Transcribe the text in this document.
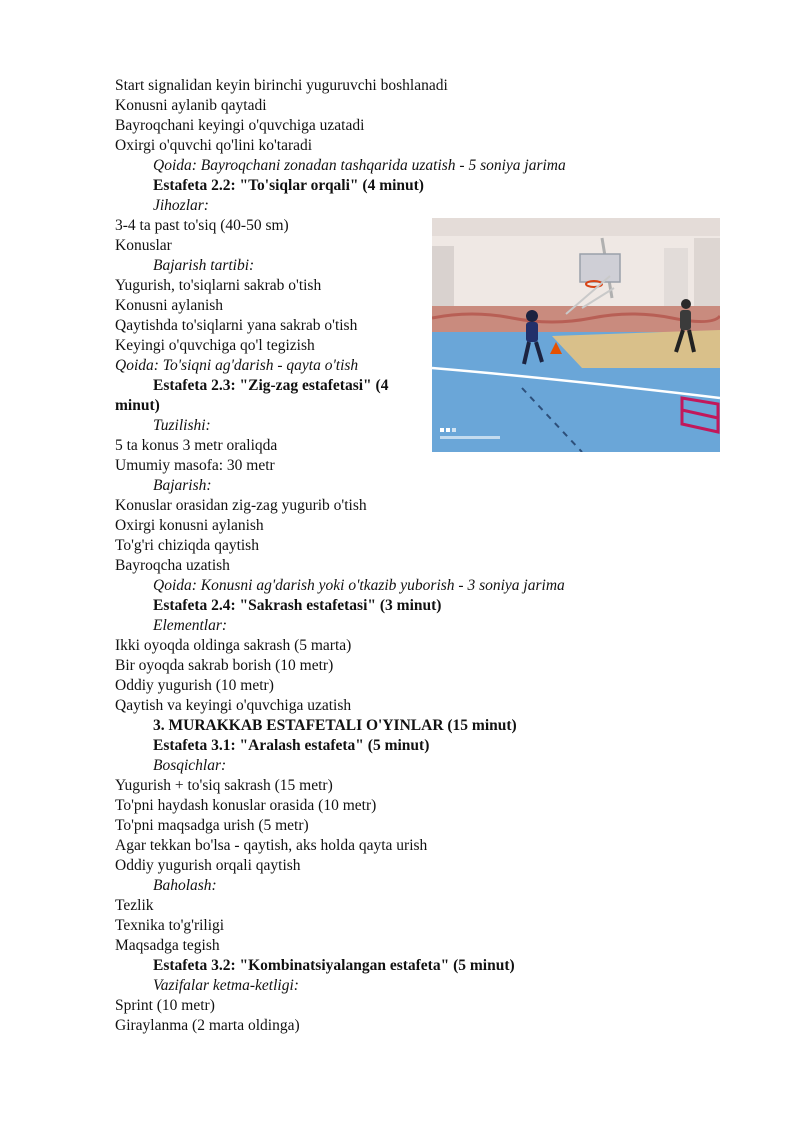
Start signalidan keyin birinchi yuguruvchi boshlanadi
Konusni aylanib qaytadi
Bayroqchani keyingi o'quvchiga uzatadi
Oxirgi o'quvchi qo'lini ko'taradi
Qoida: Bayroqchani zonadan tashqarida uzatish - 5 soniya jarima
Estafeta 2.2: "To'siqlar orqali" (4 minut)
Jihozlar:
3-4 ta past to'siq (40-50 sm)
Konuslar
Bajarish tartibi:
Yugurish, to'siqlarni sakrab o'tish
Konusni aylanish
Qaytishda to'siqlarni yana sakrab o'tish
Keyingi o'quvchiga qo'l tegizish
Qoida: To'siqni ag'darish - qayta o'tish
Estafeta 2.3: "Zig-zag estafetasi" (4
minut)
Tuzilishi:
5 ta konus 3 metr oraliqda
Umumiy masofa: 30 metr
Bajarish:
Konuslar orasidan zig-zag yugurib o'tish
Oxirgi konusni aylanish
To'g'ri chiziqda qaytish
Bayroqcha uzatish
Qoida: Konusni ag'darish yoki o'tkazib yuborish - 3 soniya jarima
Estafeta 2.4: "Sakrash estafetasi" (3 minut)
Elementlar:
Ikki oyoqda oldinga sakrash (5 marta)
Bir oyoqda sakrab borish (10 metr)
Oddiy yugurish (10 metr)
Qaytish va keyingi o'quvchiga uzatish
3. MURAKKAB ESTAFETALI O'YINLAR (15 minut)
Estafeta 3.1: "Aralash estafeta" (5 minut)
Bosqichlar:
Yugurish + to'siq sakrash (15 metr)
To'pni haydash konuslar orasida (10 metr)
To'pni maqsadga urish (5 metr)
Agar tekkan bo'lsa - qaytish, aks holda qayta urish
Oddiy yugurish orqali qaytish
Baholash:
Tezlik
Texnika to'g'riligi
Maqsadga tegish
Estafeta 3.2: "Kombinatsiyalangan estafeta" (5 minut)
Vazifalar ketma-ketligi:
Sprint (10 metr)
Giraylanma (2 marta oldinga)
